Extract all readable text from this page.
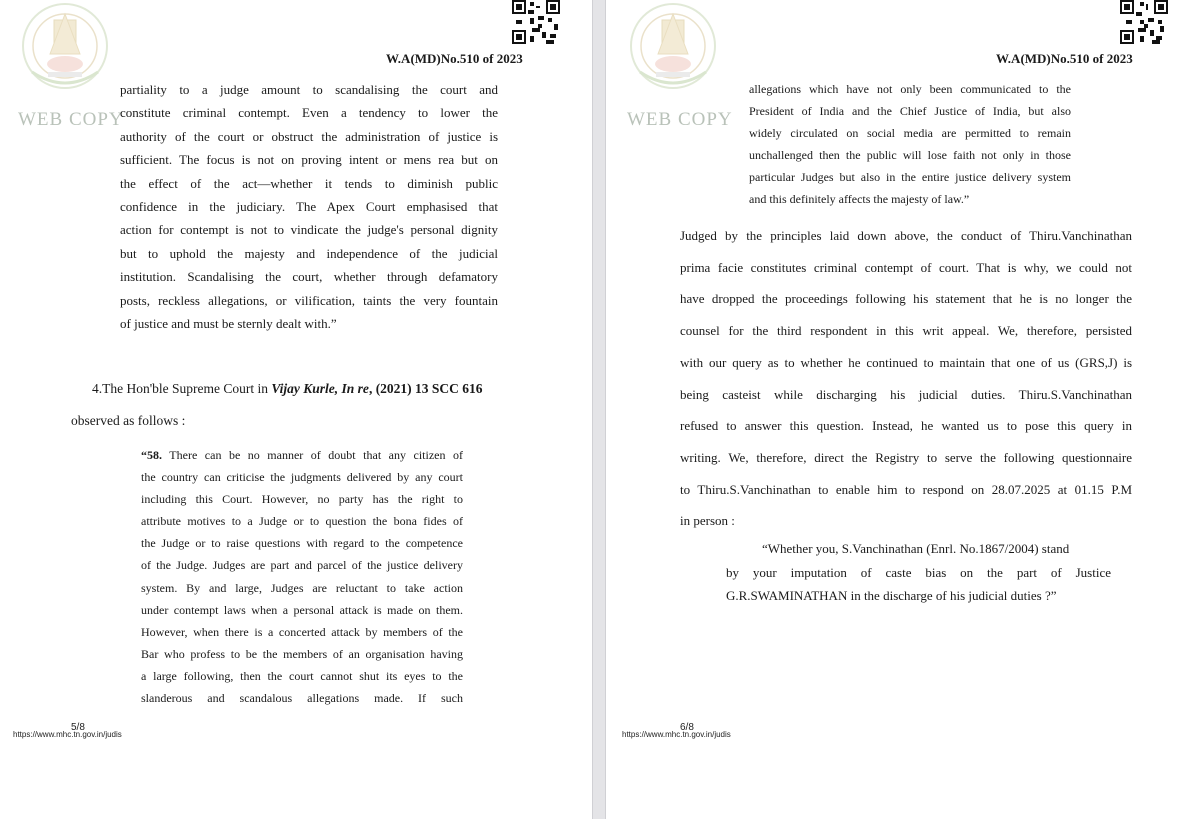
WEB COPY
W.A(MD)No.510 of 2023
partiality to a judge amount to scandalising the court and
constitute criminal contempt. Even a tendency to lower the
authority of the court or obstruct the administration of justice is
sufficient. The focus is not on proving intent or mens rea but on
the effect of the act—whether it tends to diminish public
confidence in the judiciary. The Apex Court emphasised that
action for contempt is not to vindicate the judge's personal dignity
but to uphold the majesty and independence of the judicial
institution. Scandalising the court, whether through defamatory
posts, reckless allegations, or vilification, taints the very fountain
of justice and must be sternly dealt with.”
4.The Hon'ble Supreme Court in Vijay Kurle, In re, (2021) 13 SCC 616
observed as follows :
“58. There can be no manner of doubt that any citizen of
the country can criticise the judgments delivered by any court
including this Court. However, no party has the right to
attribute motives to a Judge or to question the bona fides of
the Judge or to raise questions with regard to the competence
of the Judge. Judges are part and parcel of the justice delivery
system. By and large, Judges are reluctant to take action
under contempt laws when a personal attack is made on them.
However, when there is a concerted attack by members of the
Bar who profess to be the members of an organisation having
a large following, then the court cannot shut its eyes to the
slanderous and scandalous allegations made. If such
5/8
https://www.mhc.tn.gov.in/judis
WEB COPY
W.A(MD)No.510 of 2023
allegations which have not only been communicated to the
President of India and the Chief Justice of India, but also
widely circulated on social media are permitted to remain
unchallenged then the public will lose faith not only in those
particular Judges but also in the entire justice delivery system
and this definitely affects the majesty of law.”
Judged by the principles laid down above, the conduct of Thiru.Vanchinathan
prima facie constitutes criminal contempt of court. That is why, we could not
have dropped the proceedings following his statement that he is no longer the
counsel for the third respondent in this writ appeal. We, therefore, persisted
with our query as to whether he continued to maintain that one of us (GRS,J) is
being casteist while discharging his judicial duties. Thiru.S.Vanchinathan
refused to answer this question. Instead, he wanted us to pose this query in
writing. We, therefore, direct the Registry to serve the following questionnaire
to Thiru.S.Vanchinathan to enable him to respond on 28.07.2025 at 01.15 P.M
in person :
“Whether you, S.Vanchinathan (Enrl. No.1867/2004) stand
by your imputation of caste bias on the part of Justice
G.R.SWAMINATHAN in the discharge of his judicial duties ?”
6/8
https://www.mhc.tn.gov.in/judis
